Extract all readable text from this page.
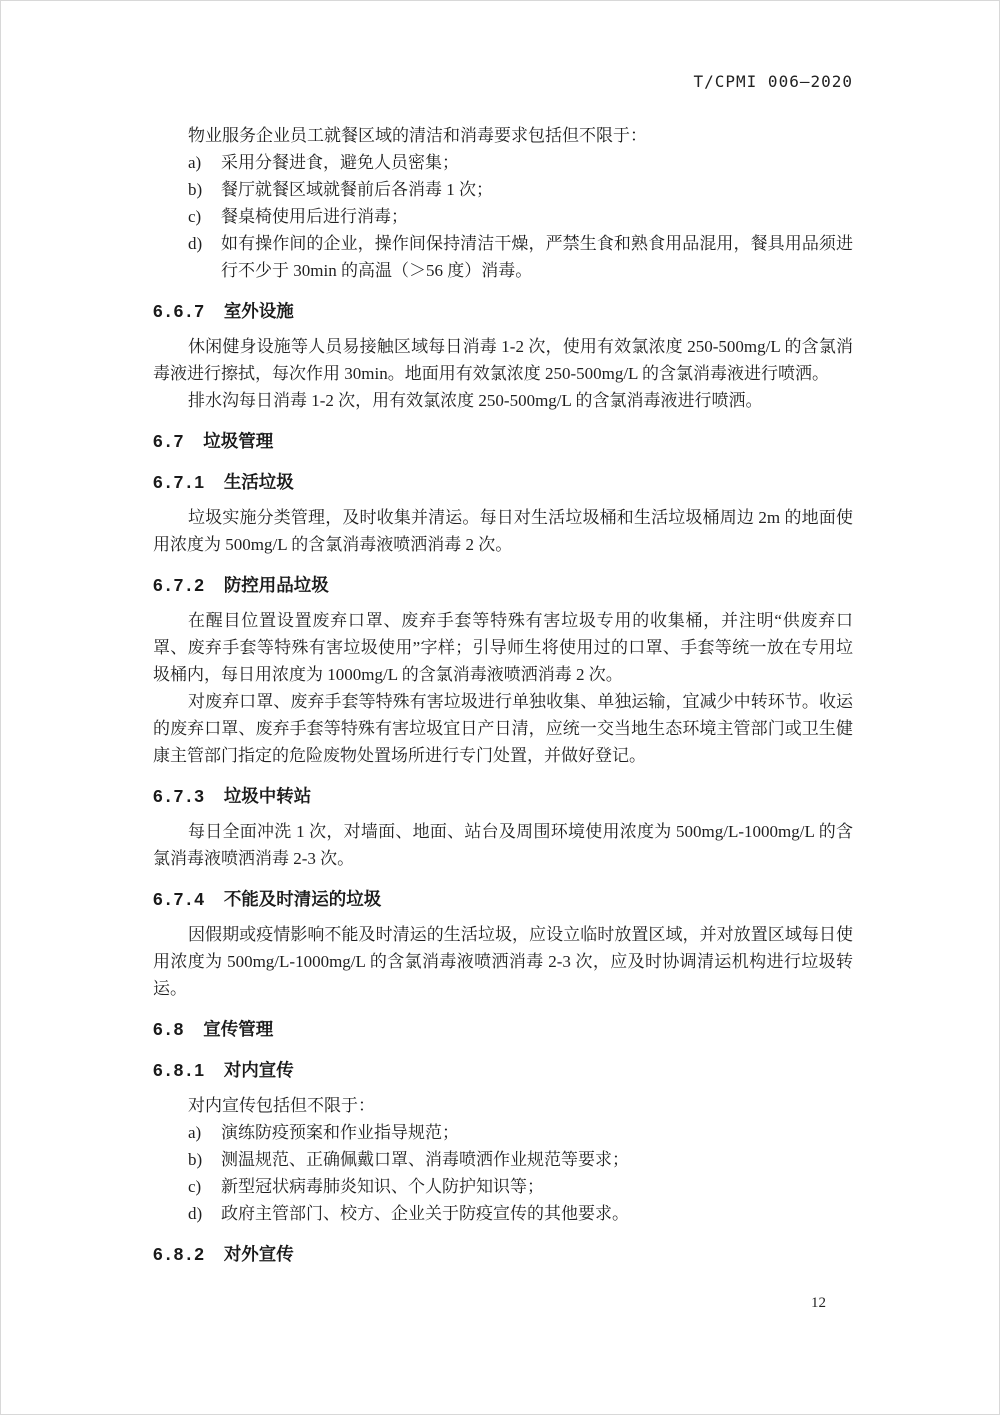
T/CPMI 006—2020

物业服务企业员工就餐区域的清洁和消毒要求包括但不限于：

a) 采用分餐进食，避免人员密集；
b) 餐厅就餐区域就餐前后各消毒 1 次；
c) 餐桌椅使用后进行消毒；
d) 如有操作间的企业，操作间保持清洁干燥，严禁生食和熟食用品混用，餐具用品须进行不少于 30min 的高温（＞56 度）消毒。
6.6.7 室外设施

休闲健身设施等人员易接触区域每日消毒 1-2 次，使用有效氯浓度 250-500mg/L 的含氯消毒液进行擦拭，每次作用 30min。地面用有效氯浓度 250-500mg/L 的含氯消毒液进行喷洒。

排水沟每日消毒 1-2 次，用有效氯浓度 250-500mg/L 的含氯消毒液进行喷洒。

6.7 垃圾管理
6.7.1 生活垃圾

垃圾实施分类管理，及时收集并清运。每日对生活垃圾桶和生活垃圾桶周边 2m 的地面使用浓度为 500mg/L 的含氯消毒液喷洒消毒 2 次。

6.7.2 防控用品垃圾

在醒目位置设置废弃口罩、废弃手套等特殊有害垃圾专用的收集桶，并注明“供废弃口罩、废弃手套等特殊有害垃圾使用”字样；引导师生将使用过的口罩、手套等统一放在专用垃圾桶内，每日用浓度为 1000mg/L 的含氯消毒液喷洒消毒 2 次。

对废弃口罩、废弃手套等特殊有害垃圾进行单独收集、单独运输，宜减少中转环节。收运的废弃口罩、废弃手套等特殊有害垃圾宜日产日清，应统一交当地生态环境主管部门或卫生健康主管部门指定的危险废物处置场所进行专门处置，并做好登记。

6.7.3 垃圾中转站

每日全面冲洗 1 次，对墙面、地面、站台及周围环境使用浓度为 500mg/L-1000mg/L 的含氯消毒液喷洒消毒 2-3 次。

6.7.4 不能及时清运的垃圾

因假期或疫情影响不能及时清运的生活垃圾，应设立临时放置区域，并对放置区域每日使用浓度为 500mg/L-1000mg/L 的含氯消毒液喷洒消毒 2-3 次，应及时协调清运机构进行垃圾转运。

6.8 宣传管理
6.8.1 对内宣传

对内宣传包括但不限于：

a) 演练防疫预案和作业指导规范；
b) 测温规范、正确佩戴口罩、消毒喷洒作业规范等要求；
c) 新型冠状病毒肺炎知识、个人防护知识等；
d) 政府主管部门、校方、企业关于防疫宣传的其他要求。
6.8.2 对外宣传
12
